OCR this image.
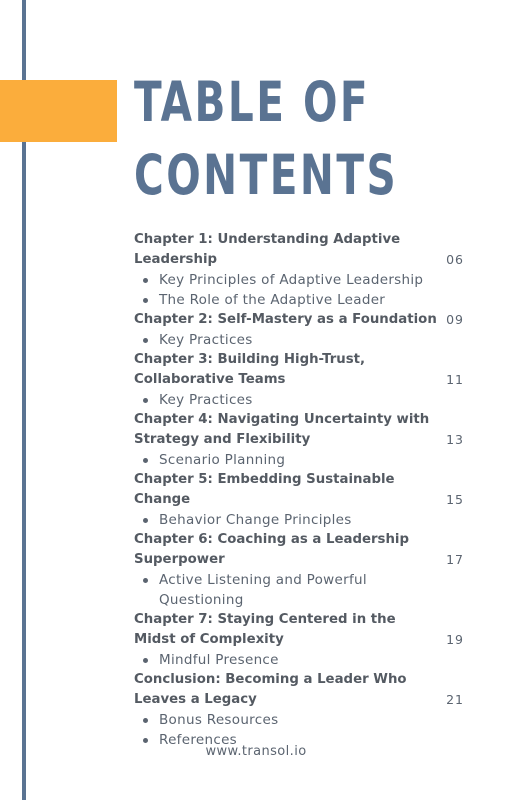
TABLE OF
CONTENTS
Chapter 1: Understanding Adaptive Leadership	06
Key Principles of Adaptive Leadership
The Role of the Adaptive Leader
Chapter 2: Self-Mastery as a Foundation 09
Key Practices
Chapter 3: Building High-Trust, Collaborative Teams	11
Key Practices
Chapter 4: Navigating Uncertainty with Strategy and Flexibility	13
Scenario Planning
Chapter 5: Embedding Sustainable Change	15
Behavior Change Principles
Chapter 6: Coaching as a Leadership Superpower	17
Active Listening and Powerful Questioning
Chapter 7: Staying Centered in the Midst of Complexity	19
Mindful Presence
Conclusion: Becoming a Leader Who Leaves a Legacy	21
Bonus Resources
References
www.transol.io
